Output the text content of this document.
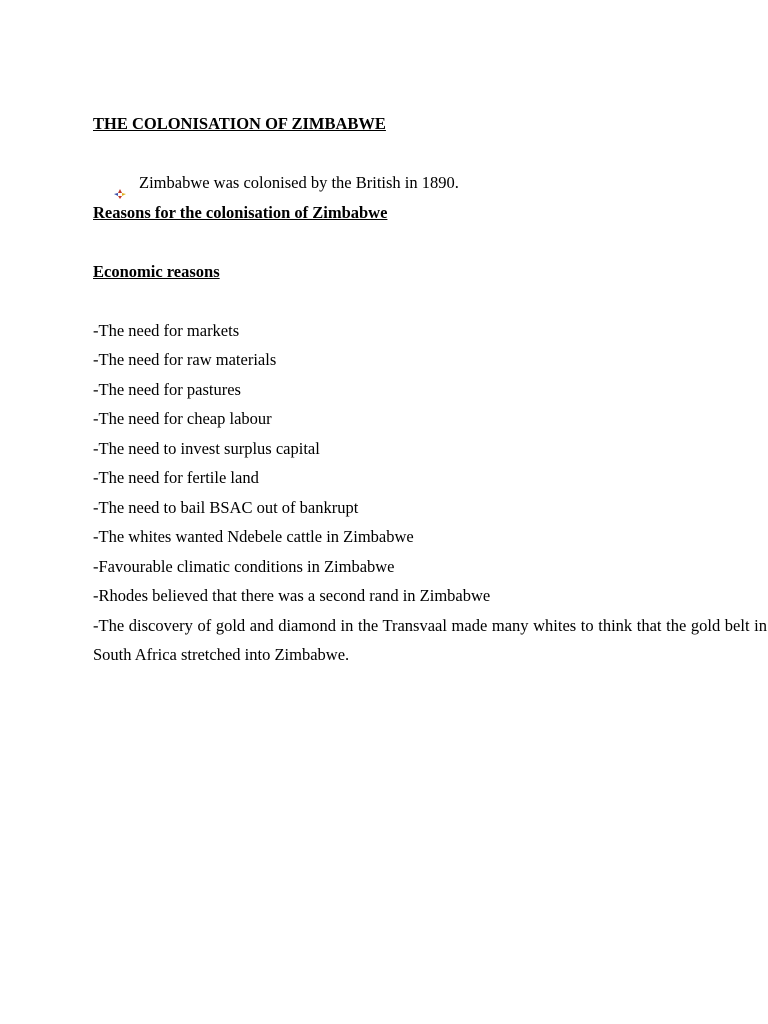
THE COLONISATION OF ZIMBABWE
Zimbabwe was colonised by the British in 1890.
Reasons for the colonisation of Zimbabwe
Economic reasons
-The need for markets
-The need for raw materials
-The need for pastures
-The need for cheap labour
-The need to invest surplus capital
-The need for fertile land
-The need to bail BSAC out of bankrupt
-The whites wanted Ndebele cattle in Zimbabwe
-Favourable climatic conditions in Zimbabwe
-Rhodes believed that there was a second rand in Zimbabwe
-The discovery of gold and diamond in the Transvaal made many whites to think that the gold belt in South Africa stretched into Zimbabwe.
